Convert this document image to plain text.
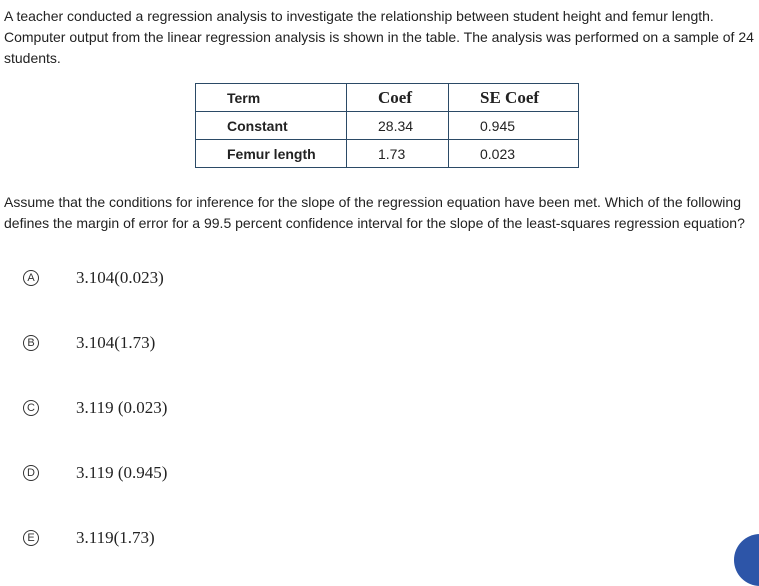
A teacher conducted a regression analysis to investigate the relationship between student height and femur length. Computer output from the linear regression analysis is shown in the table. The analysis was performed on a sample of 24 students.

Term	Coef	SE Coef
Constant	28.34	0.945
Femur length	1.73	0.023

Assume that the conditions for inference for the slope of the regression equation have been met. Which of the following defines the margin of error for a 99.5 percent confidence interval for the slope of the least-squares regression equation?

A 3.104(0.023)
B 3.104(1.73)
C 3.119 (0.023)
D 3.119 (0.945)
E 3.119(1.73)
